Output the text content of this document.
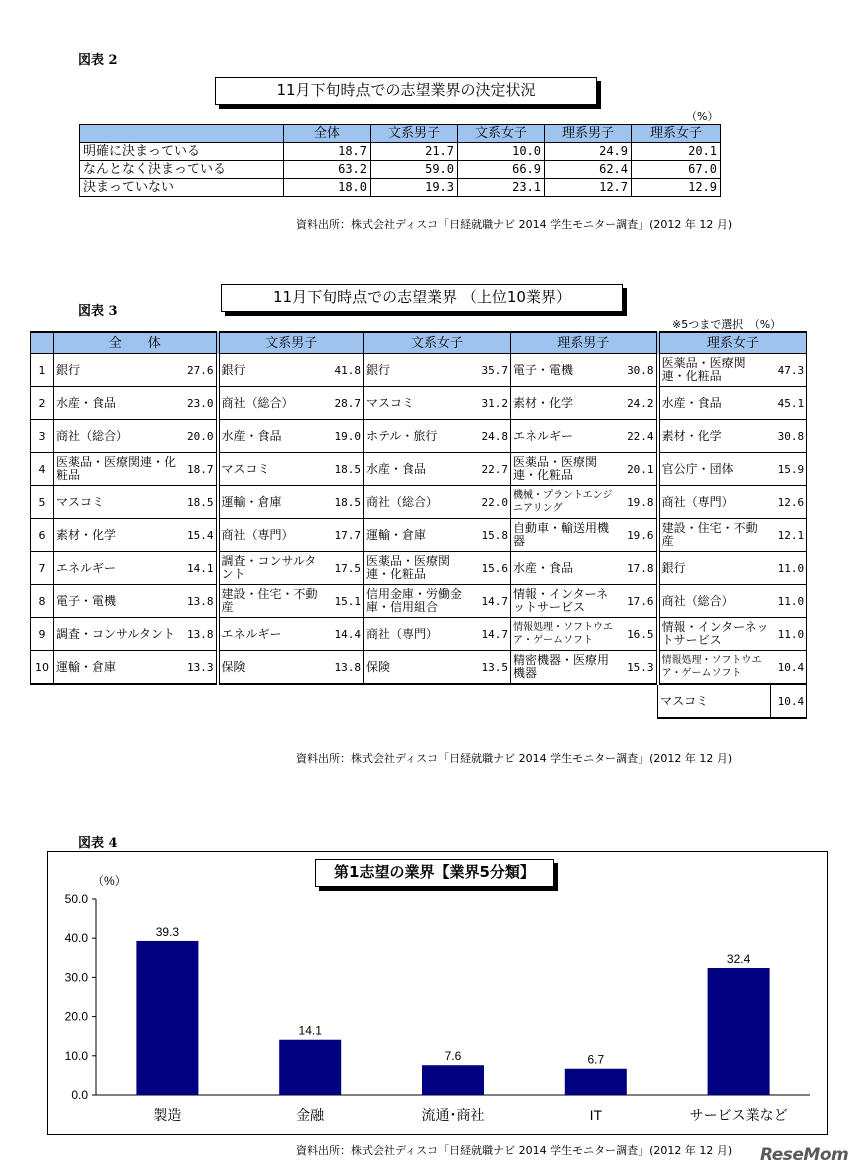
図表 2
11月下旬時点での志望業界の決定状況
（%）
	全体	文系男子	文系女子	理系男子	理系女子
明確に決まっている	18.7	21.7	10.0	24.9	20.1
なんとなく決まっている	63.2	59.0	66.9	62.4	67.0
決まっていない	18.0	19.3	23.1	12.7	12.9
資料出所：株式会社ディスコ「日経就職ナビ 2014 学生モニター調査」(2012 年 12 月)
図表 3
11月下旬時点での志望業界 （上位10業界）
※5つまで選択　（%）
	全　　体		文系男子		文系女子		理系男子		理系女子	
1	銀行	27.6	銀行	41.8	銀行	35.7	電子・電機	30.8	医薬品・医療関連・化粧品	47.3
2	水産・食品	23.0	商社（総合）	28.7	マスコミ	31.2	素材・化学	24.2	水産・食品	45.1
3	商社（総合）	20.0	水産・食品	19.0	ホテル・旅行	24.8	エネルギー	22.4	素材・化学	30.8
4	医薬品・医療関連・化粧品	18.7	マスコミ	18.5	水産・食品	22.7	医薬品・医療関連・化粧品	20.1	官公庁・団体	15.9
5	マスコミ	18.5	運輸・倉庫	18.5	商社（総合）	22.0	機械・プラントエンジニアリング	19.8	商社（専門）	12.6
6	素材・化学	15.4	商社（専門）	17.7	運輸・倉庫	15.8	自動車・輸送用機器	19.6	建設・住宅・不動産	12.1
7	エネルギー	14.1	調査・コンサルタント	17.5	医薬品・医療関連・化粧品	15.6	水産・食品	17.8	銀行	11.0
8	電子・電機	13.8	建設・住宅・不動産	15.1	信用金庫・労働金庫・信用組合	14.7	情報・インターネットサービス	17.6	商社（総合）	11.0
9	調査・コンサルタント	13.8	エネルギー	14.4	商社（専門）	14.7	情報処理・ソフトウエア・ゲームソフト	16.5	情報・インターネットサービス	11.0
10	運輸・倉庫	13.3	保険	13.8	保険	13.5	精密機器・医療用機器	15.3	情報処理・ソフトウエア・ゲームソフト	10.4
									マスコミ	10.4
資料出所：株式会社ディスコ「日経就職ナビ 2014 学生モニター調査」(2012 年 12 月)
図表 4
0.0
10.0
20.0
30.0
40.0
50.0
（%）
39.3
製造
14.1
金融
7.6
流通･商社
6.7
IT
32.4
サービス業など
第1志望の業界【業界5分類】
資料出所：株式会社ディスコ「日経就職ナビ 2014 学生モニター調査」(2012 年 12 月) ReseMom
